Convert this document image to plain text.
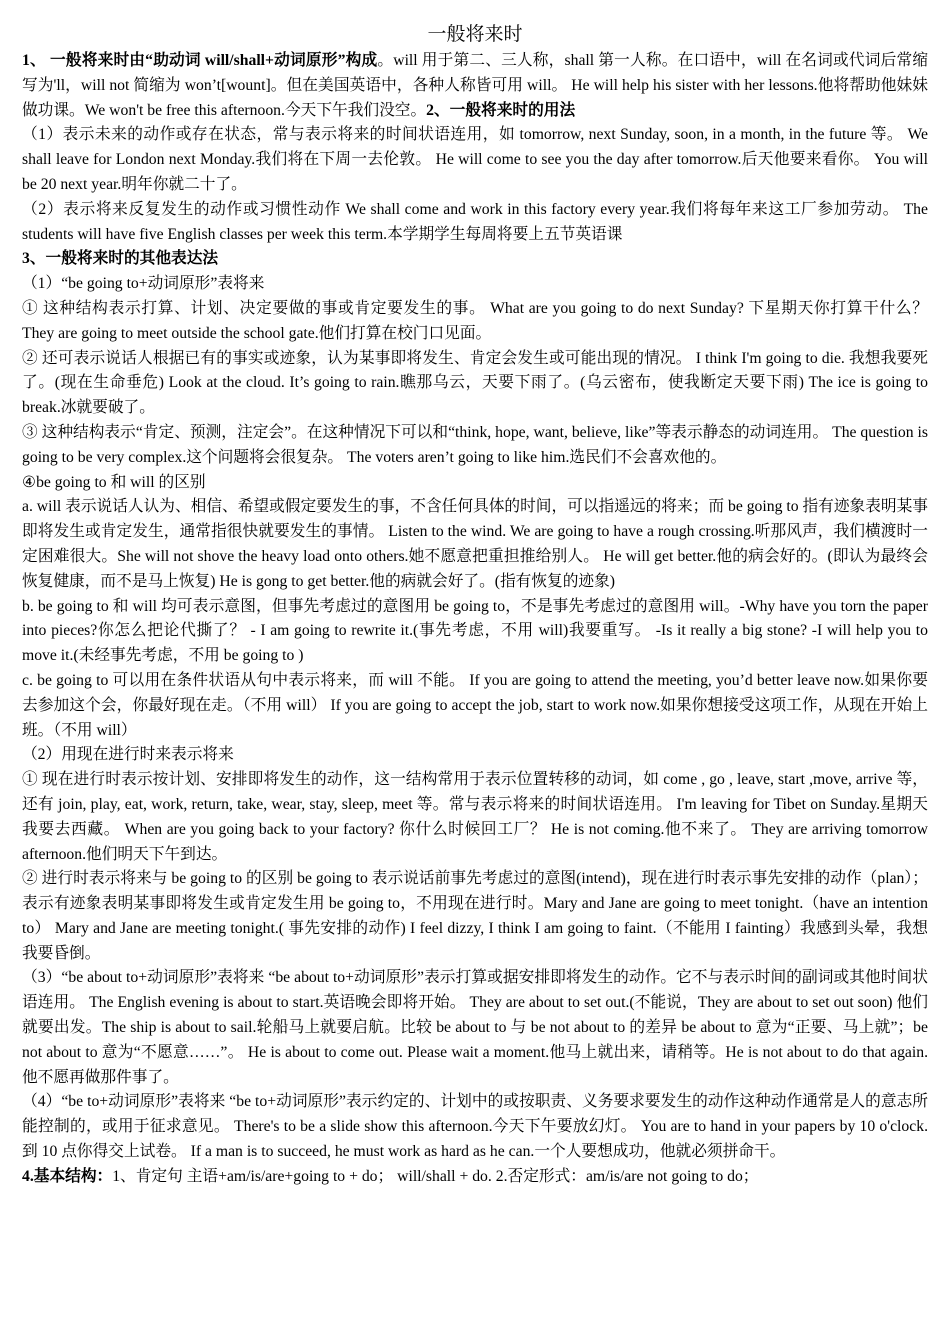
一般将来时

1、 一般将来时由“助动词 will/shall+动词原形”构成。will 用于第二、三人称，shall 第一人称。在口语中，will 在名词或代词后常缩写为'll，will not 简缩为 won’t[wount]。但在美国英语中，各种人称皆可用 will。 He will help his sister with her lessons.他将帮助他妹妹做功课。We won't be free this afternoon.今天下午我们没空。2、一般将来时的用法

（1）表示未来的动作或存在状态，常与表示将来的时间状语连用，如 tomorrow, next Sunday, soon, in a month, in the future 等。 We shall leave for London next Monday.我们将在下周一去伦敦。 He will come to see you the day after tomorrow.后天他要来看你。 You will be 20 next year.明年你就二十了。

（2）表示将来反复发生的动作或习惯性动作 We shall come and work in this factory every year.我们将每年来这工厂参加劳动。 The students will have five English classes per week this term.本学期学生每周将要上五节英语课

3、一般将来时的其他表达法

（1）“be going to+动词原形”表将来

① 这种结构表示打算、计划、决定要做的事或肯定要发生的事。 What are you going to do next Sunday? 下星期天你打算干什么？ They are going to meet outside the school gate.他们打算在校门口见面。

② 还可表示说话人根据已有的事实或迹象，认为某事即将发生、肯定会发生或可能出现的情况。 I think I'm going to die. 我想我要死了。(现在生命垂危) Look at the cloud. It’s going to rain.瞧那乌云，天要下雨了。(乌云密布，使我断定天要下雨) The ice is going to break.冰就要破了。

③ 这种结构表示“肯定、预测，注定会”。在这种情况下可以和“think, hope, want, believe, like”等表示静态的动词连用。 The question is going to be very complex.这个问题将会很复杂。 The voters aren’t going to like him.选民们不会喜欢他的。

④be going to 和 will 的区别

a. will 表示说话人认为、相信、希望或假定要发生的事，不含任何具体的时间，可以指遥远的将来；而 be going to 指有迹象表明某事即将发生或肯定发生，通常指很快就要发生的事情。 Listen to the wind. We are going to have a rough crossing.听那风声，我们横渡时一定困难很大。She will not shove the heavy load onto others.她不愿意把重担推给别人。 He will get better.他的病会好的。(即认为最终会恢复健康，而不是马上恢复) He is gong to get better.他的病就会好了。(指有恢复的迹象)

b. be going to 和 will 均可表示意图，但事先考虑过的意图用 be going to，不是事先考虑过的意图用 will。-Why have you torn the paper into pieces?你怎么把论代撕了？ - I am going to rewrite it.(事先考虑，不用 will)我要重写。 -Is it really a big stone? -I will help you to move it.(未经事先考虑，不用 be going to )

c. be going to 可以用在条件状语从句中表示将来，而 will 不能。 If you are going to attend the meeting, you’d better leave now.如果你要去参加这个会，你最好现在走。（不用 will） If you are going to accept the job, start to work now.如果你想接受这项工作，从现在开始上班。（不用 will）

（2）用现在进行时来表示将来

① 现在进行时表示按计划、安排即将发生的动作，这一结构常用于表示位置转移的动词，如 come , go , leave, start ,move, arrive 等，还有 join, play, eat, work, return, take, wear, stay, sleep, meet 等。常与表示将来的时间状语连用。 I'm leaving for Tibet on Sunday.星期天我要去西藏。 When are you going back to your factory? 你什么时候回工厂？ He is not coming.他不来了。 They are arriving tomorrow afternoon.他们明天下午到达。

② 进行时表示将来与 be going to 的区别 be going to 表示说话前事先考虑过的意图(intend)，现在进行时表示事先安排的动作（plan）；表示有迹象表明某事即将发生或肯定发生用 be going to，不用现在进行时。Mary and Jane are going to meet tonight.（have an intention to） Mary and Jane are meeting tonight.( 事先安排的动作) I feel dizzy, I think I am going to faint.（不能用 I fainting）我感到头晕，我想我要昏倒。

（3）“be about to+动词原形”表将来 “be about to+动词原形”表示打算或据安排即将发生的动作。它不与表示时间的副词或其他时间状语连用。 The English evening is about to start.英语晚会即将开始。 They are about to set out.(不能说，They are about to set out soon) 他们就要出发。The ship is about to sail.轮船马上就要启航。比较 be about to 与 be not about to 的差异 be about to 意为“正要、马上就”；be not about to 意为“不愿意……”。 He is about to come out. Please wait a moment.他马上就出来，请稍等。He is not about to do that again.他不愿再做那件事了。

（4）“be to+动词原形”表将来 “be to+动词原形”表示约定的、计划中的或按职责、义务要求要发生的动作这种动作通常是人的意志所能控制的，或用于征求意见。 There's to be a slide show this afternoon.今天下午要放幻灯。 You are to hand in your papers by 10 o'clock.到 10 点你得交上试卷。 If a man is to succeed, he must work as hard as he can.一个人要想成功，他就必须拼命干。

4.基本结构：1、肯定句 主语+am/is/are+going to + do； will/shall + do. 2.否定形式：am/is/are not going to do；
